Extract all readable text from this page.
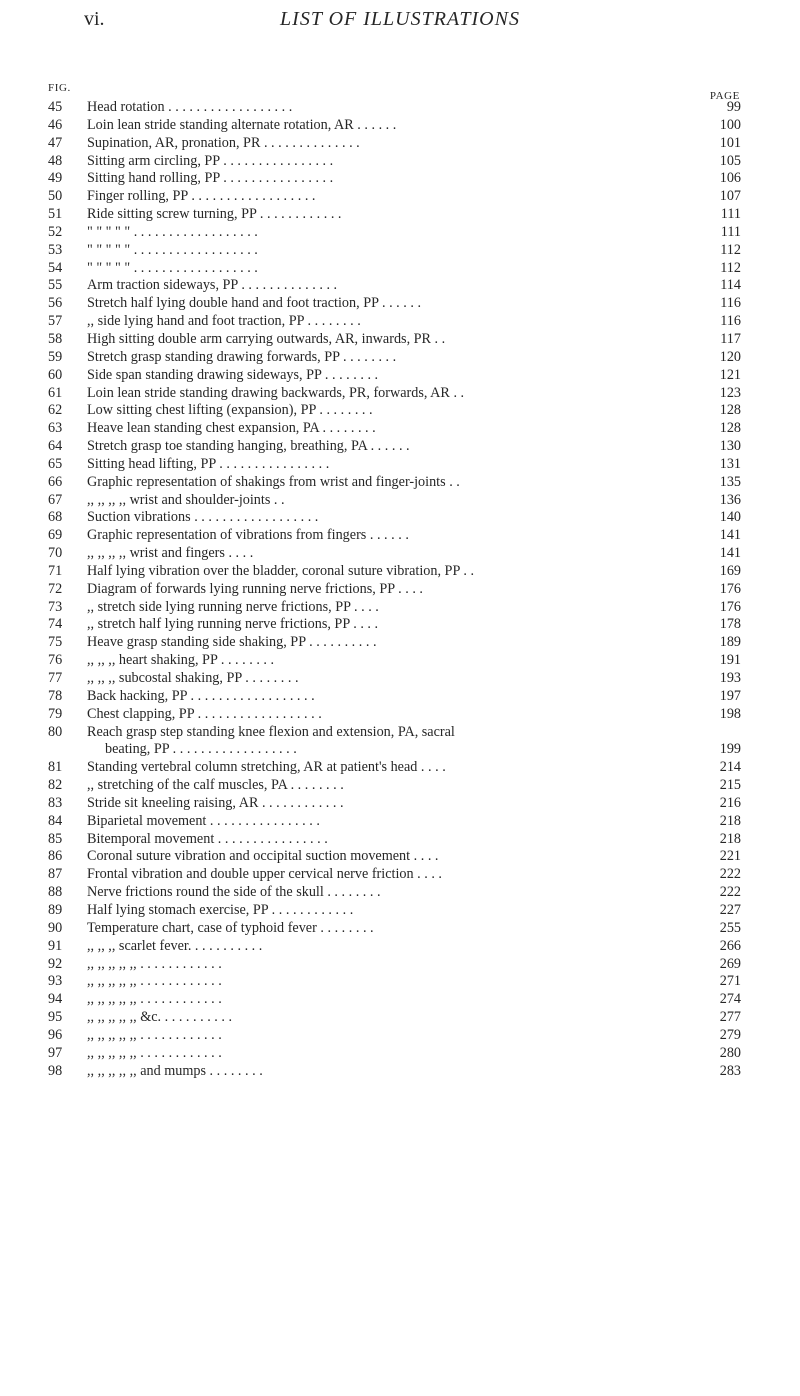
vi.	LIST OF ILLUSTRATIONS
FIG.
PAGE
45	Head rotation . . . . . . . . . . . . . . . . . .	99
46	Loin lean stride standing alternate rotation, AR . . . . . .	100
47	Supination, AR, pronation, PR . . . . . . . . . . . . . .	101
48	Sitting arm circling, PP . . . . . . . . . . . . . . . .	105
49	Sitting hand rolling, PP . . . . . . . . . . . . . . . .	106
50	Finger rolling, PP . . . . . . . . . . . . . . . . . .	107
51	Ride sitting screw turning, PP . . . . . . . . . . . .	111
52	" " " " " . . . . . . . . . . . . . . . . . .	111
53	" " " " " . . . . . . . . . . . . . . . . . .	112
54	" " " " " . . . . . . . . . . . . . . . . . .	112
55	Arm traction sideways, PP . . . . . . . . . . . . . .	114
56	Stretch half lying double hand and foot traction, PP . . . . . .	116
57	,, side lying hand and foot traction, PP . . . . . . . .	116
58	High sitting double arm carrying outwards, AR, inwards, PR . .	117
59	Stretch grasp standing drawing forwards, PP . . . . . . . .	120
60	Side span standing drawing sideways, PP . . . . . . . .	121
61	Loin lean stride standing drawing backwards, PR, forwards, AR . .	123
62	Low sitting chest lifting (expansion), PP . . . . . . . .	128
63	Heave lean standing chest expansion, PA . . . . . . . .	128
64	Stretch grasp toe standing hanging, breathing, PA . . . . . .	130
65	Sitting head lifting, PP . . . . . . . . . . . . . . . .	131
66	Graphic representation of shakings from wrist and finger-joints . .	135
67	,, ,, ,, ,, wrist and shoulder-joints . .	136
68	Suction vibrations . . . . . . . . . . . . . . . . . .	140
69	Graphic representation of vibrations from fingers . . . . . .	141
70	,, ,, ,, ,, wrist and fingers . . . .	141
71	Half lying vibration over the bladder, coronal suture vibration, PP . .	169
72	Diagram of forwards lying running nerve frictions, PP . . . .	176
73	,, stretch side lying running nerve frictions, PP . . . .	176
74	,, stretch half lying running nerve frictions, PP . . . .	178
75	Heave grasp standing side shaking, PP . . . . . . . . . .	189
76	,, ,, ,, heart shaking, PP . . . . . . . .	191
77	,, ,, ,, subcostal shaking, PP . . . . . . . .	193
78	Back hacking, PP . . . . . . . . . . . . . . . . . .	197
79	Chest clapping, PP . . . . . . . . . . . . . . . . . .	198
80	Reach grasp step standing knee flexion and extension, PA, sacral
beating, PP . . . . . . . . . . . . . . . . . .	199
81	Standing vertebral column stretching, AR at patient's head . . . .	214
82	,, stretching of the calf muscles, PA . . . . . . . .	215
83	Stride sit kneeling raising, AR . . . . . . . . . . . .	216
84	Biparietal movement . . . . . . . . . . . . . . . .	218
85	Bitemporal movement . . . . . . . . . . . . . . . .	218
86	Coronal suture vibration and occipital suction movement . . . .	221
87	Frontal vibration and double upper cervical nerve friction . . . .	222
88	Nerve frictions round the side of the skull . . . . . . . .	222
89	Half lying stomach exercise, PP . . . . . . . . . . . .	227
90	Temperature chart, case of typhoid fever . . . . . . . .	255
91	,, ,, ,, scarlet fever. . . . . . . . . . .	266
92	,, ,, ,, ,, ,, . . . . . . . . . . . .	269
93	,, ,, ,, ,, ,, . . . . . . . . . . . .	271
94	,, ,, ,, ,, ,, . . . . . . . . . . . .	274
95	,, ,, ,, ,, ,, &c. . . . . . . . . . .	277
96	,, ,, ,, ,, ,, . . . . . . . . . . . .	279
97	,, ,, ,, ,, ,, . . . . . . . . . . . .	280
98	,, ,, ,, ,, ,, and mumps . . . . . . . .	283
